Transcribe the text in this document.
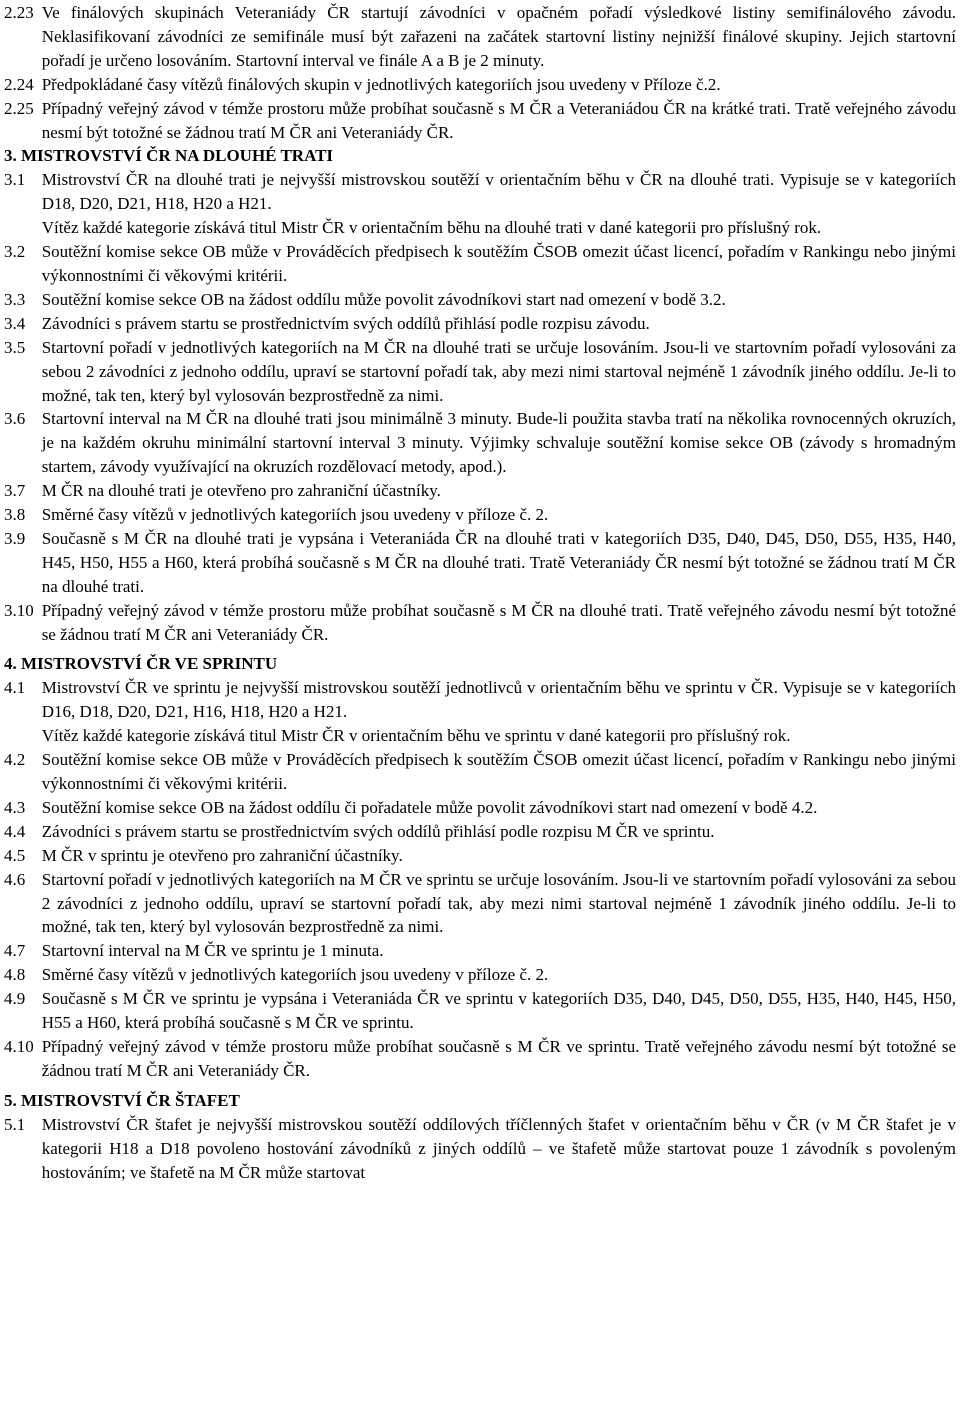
2.23 Ve finálových skupinách Veteraniády ČR startují závodníci v opačném pořadí výsledkové listiny semifinálového závodu. Neklasifikovaní závodníci ze semifinále musí být zařazeni na začátek startovní listiny nejnižší finálové skupiny. Jejich startovní pořadí je určeno losováním. Startovní interval ve finále A a B je 2 minuty.
2.24 Předpokládané časy vítězů finálových skupin v jednotlivých kategoriích jsou uvedeny v Příloze č.2.
2.25 Případný veřejný závod v témže prostoru může probíhat současně s M ČR a Veteraniádou ČR na krátké trati. Tratě veřejného závodu nesmí být totožné se žádnou tratí M ČR ani Veteraniády ČR.
3. MISTROVSTVÍ ČR NA DLOUHÉ TRATI
3.1 Mistrovství ČR na dlouhé trati je nejvyšší mistrovskou soutěží v orientačním běhu v ČR na dlouhé trati. Vypisuje se v kategoriích D18, D20, D21, H18, H20 a H21.
Vítěz každé kategorie získává titul Mistr ČR v orientačním běhu na dlouhé trati v dané kategorii pro příslušný rok.
3.2 Soutěžní komise sekce OB může v Prováděcích předpisech k soutěžím ČSOB omezit účast licencí, pořadím v Rankingu nebo jinými výkonnostními či věkovými kritérii.
3.3 Soutěžní komise sekce OB na žádost oddílu může povolit závodníkovi start nad omezení v bodě 3.2.
3.4 Závodníci s právem startu se prostřednictvím svých oddílů přihlásí podle rozpisu závodu.
3.5 Startovní pořadí v jednotlivých kategoriích na M ČR na dlouhé trati se určuje losováním. Jsou-li ve startovním pořadí vylosováni za sebou 2 závodníci z jednoho oddílu, upraví se startovní pořadí tak, aby mezi nimi startoval nejméně 1 závodník jiného oddílu. Je-li to možné, tak ten, který byl vylosován bezprostředně za nimi.
3.6 Startovní interval na M ČR na dlouhé trati jsou minimálně 3 minuty. Bude-li použita stavba tratí na několika rovnocenných okruzích, je na každém okruhu minimální startovní interval 3 minuty. Výjimky schvaluje soutěžní komise sekce OB (závody s hromadným startem, závody využívající na okruzích rozdělovací metody, apod.).
3.7 M ČR na dlouhé trati je otevřeno pro zahraniční účastníky.
3.8 Směrné časy vítězů v jednotlivých kategoriích jsou uvedeny v příloze č. 2.
3.9 Současně s M ČR na dlouhé trati je vypsána i Veteraniáda ČR na dlouhé trati v kategoriích D35, D40, D45, D50, D55, H35, H40, H45, H50, H55 a H60, která probíhá současně s M ČR na dlouhé trati. Tratě Veteraniády ČR nesmí být totožné se žádnou tratí M ČR na dlouhé trati.
3.10 Případný veřejný závod v témže prostoru může probíhat současně s M ČR na dlouhé trati. Tratě veřejného závodu nesmí být totožné se žádnou tratí M ČR ani Veteraniády ČR.
4. MISTROVSTVÍ ČR VE SPRINTU
4.1 Mistrovství ČR ve sprintu je nejvyšší mistrovskou soutěží jednotlivců v orientačním běhu ve sprintu v ČR. Vypisuje se v kategoriích D16, D18, D20, D21, H16, H18, H20 a H21.
Vítěz každé kategorie získává titul Mistr ČR v orientačním běhu ve sprintu v dané kategorii pro příslušný rok.
4.2 Soutěžní komise sekce OB může v Prováděcích předpisech k soutěžím ČSOB omezit účast licencí, pořadím v Rankingu nebo jinými výkonnostními či věkovými kritérii.
4.3 Soutěžní komise sekce OB na žádost oddílu či pořadatele může povolit závodníkovi start nad omezení v bodě 4.2.
4.4 Závodníci s právem startu se prostřednictvím svých oddílů přihlásí podle rozpisu M ČR ve sprintu.
4.5 M ČR v sprintu je otevřeno pro zahraniční účastníky.
4.6 Startovní pořadí v jednotlivých kategoriích na M ČR ve sprintu se určuje losováním. Jsou-li ve startovním pořadí vylosováni za sebou 2 závodníci z jednoho oddílu, upraví se startovní pořadí tak, aby mezi nimi startoval nejméně 1 závodník jiného oddílu. Je-li to možné, tak ten, který byl vylosován bezprostředně za nimi.
4.7 Startovní interval na M ČR ve sprintu je 1 minuta.
4.8 Směrné časy vítězů v jednotlivých kategoriích jsou uvedeny v příloze č. 2.
4.9 Současně s M ČR ve sprintu je vypsána i Veteraniáda ČR ve sprintu v kategoriích D35, D40, D45, D50, D55, H35, H40, H45, H50, H55 a H60, která probíhá současně s M ČR ve sprintu.
4.10 Případný veřejný závod v témže prostoru může probíhat současně s M ČR ve sprintu. Tratě veřejného závodu nesmí být totožné se žádnou tratí M ČR ani Veteraniády ČR.
5. MISTROVSTVÍ ČR ŠTAFET
5.1 Mistrovství ČR štafet je nejvyšší mistrovskou soutěží oddílových tříčlenných štafet v orientačním běhu v ČR (v M ČR štafet je v kategorii H18 a D18 povoleno hostování závodníků z jiných oddílů – ve štafetě může startovat pouze 1 závodník s povoleným hostováním; ve štafetě na M ČR může startovat
